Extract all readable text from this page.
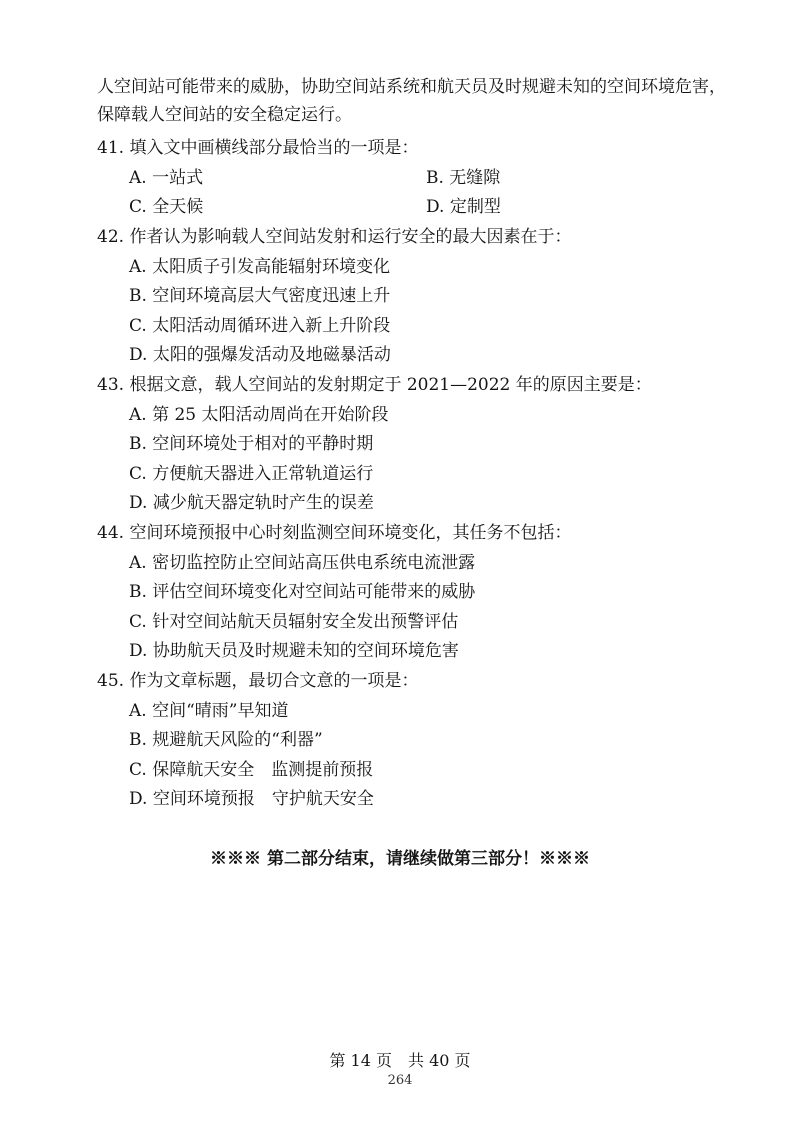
人空间站可能带来的威胁，协助空间站系统和航天员及时规避未知的空间环境危害，
保障载人空间站的安全稳定运行。
41. 填入文中画横线部分最恰当的一项是：
A. 一站式	B. 无缝隙
C. 全天候	D. 定制型
42. 作者认为影响载人空间站发射和运行安全的最大因素在于：
A. 太阳质子引发高能辐射环境变化
B. 空间环境高层大气密度迅速上升
C. 太阳活动周循环进入新上升阶段
D. 太阳的强爆发活动及地磁暴活动
43. 根据文意，载人空间站的发射期定于 2021—2022 年的原因主要是：
A. 第 25 太阳活动周尚在开始阶段
B. 空间环境处于相对的平静时期
C. 方便航天器进入正常轨道运行
D. 减少航天器定轨时产生的误差
44. 空间环境预报中心时刻监测空间环境变化，其任务不包括：
A. 密切监控防止空间站高压供电系统电流泄露
B. 评估空间环境变化对空间站可能带来的威胁
C. 针对空间站航天员辐射安全发出预警评估
D. 协助航天员及时规避未知的空间环境危害
45. 作为文章标题，最切合文意的一项是：
A. 空间“晴雨”早知道
B. 规避航天风险的“利器”
C. 保障航天安全　监测提前预报
D. 空间环境预报　守护航天安全
※※※ 第二部分结束，请继续做第三部分！※※※
第 14 页　共 40 页
264
